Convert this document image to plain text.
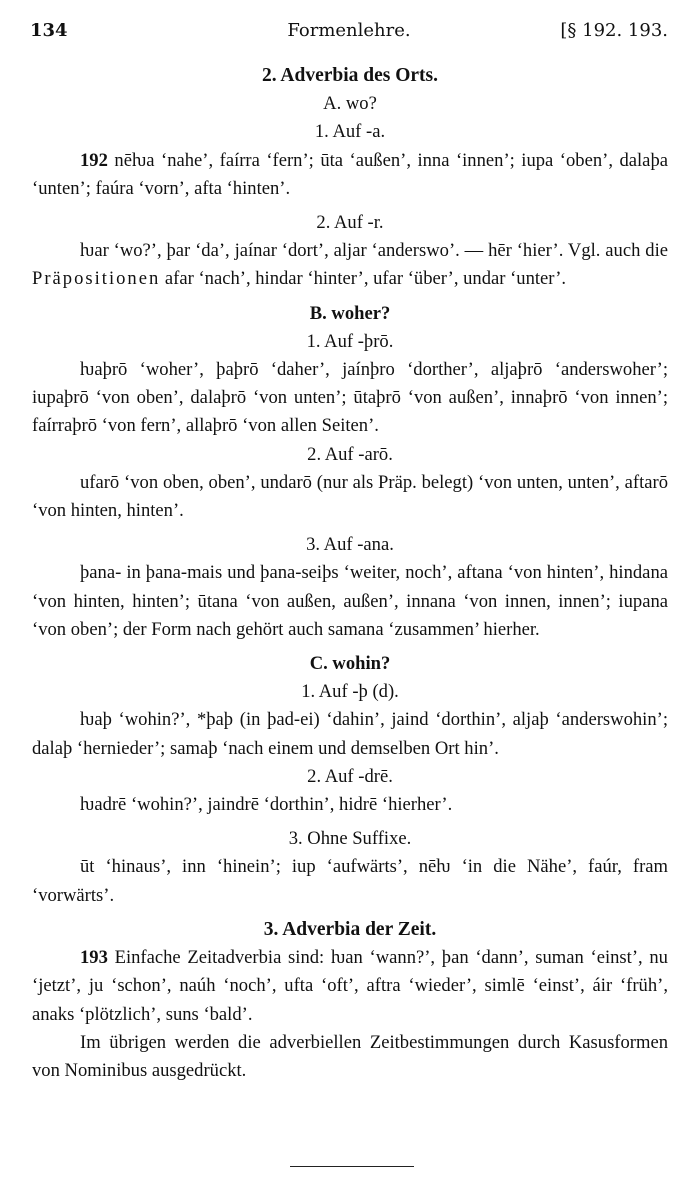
134	Formenlehre.	[§ 192. 193.
2. Adverbia des Orts.
A. wo?
1. Auf -a.

192 nēƕa ‘nahe’, faírra ‘fern’; ūta ‘außen’, inna ‘innen’; iupa ‘oben’, dalaþa ‘unten’; faúra ‘vorn’, afta ‘hinten’.

2. Auf -r.

ƕar ‘wo?’, þar ‘da’, jaínar ‘dort’, aljar ‘anderswo’. — hēr ‘hier’. Vgl. auch die Präpositionen afar ‘nach’, hindar ‘hinter’, ufar ‘über’, undar ‘unter’.

B. woher?
1. Auf -þrō.

ƕaþrō ‘woher’, þaþrō ‘daher’, jaínþro ‘dorther’, aljaþrō ‘anderswoher’; iupaþrō ‘von oben’, dalaþrō ‘von unten’; ūtaþrō ‘von außen’, innaþrō ‘von innen’; faírraþrō ‘von fern’, allaþrō ‘von allen Seiten’.

2. Auf -arō.

ufarō ‘von oben, oben’, undarō (nur als Präp. belegt) ‘von unten, unten’, aftarō ‘von hinten, hinten’.

3. Auf -ana.

þana- in þana-mais und þana-seiþs ‘weiter, noch’, aftana ‘von hinten’, hindana ‘von hinten, hinten’; ūtana ‘von außen, außen’, innana ‘von innen, innen’; iupana ‘von oben’; der Form nach gehört auch samana ‘zusammen’ hierher.

C. wohin?
1. Auf -þ (d).

ƕaþ ‘wohin?’, *þaþ (in þad-ei) ‘dahin’, jaind ‘dorthin’, aljaþ ‘anderswohin’; dalaþ ‘hernieder’; samaþ ‘nach einem und demselben Ort hin’.

2. Auf -drē.

ƕadrē ‘wohin?’, jaindrē ‘dorthin’, hidrē ‘hierher’.

3. Ohne Suffixe.

ūt ‘hinaus’, inn ‘hinein’; iup ‘aufwärts’, nēƕ ‘in die Nähe’, faúr, fram ‘vorwärts’.

3. Adverbia der Zeit.

193 Einfache Zeitadverbia sind: ƕan ‘wann?’, þan ‘dann’, suman ‘einst’, nu ‘jetzt’, ju ‘schon’, naúh ‘noch’, ufta ‘oft’, aftra ‘wieder’, simlē ‘einst’, áir ‘früh’, anaks ‘plötzlich’, suns ‘bald’.

Im übrigen werden die adverbiellen Zeitbestimmungen durch Kasusformen von Nominibus ausgedrückt.
